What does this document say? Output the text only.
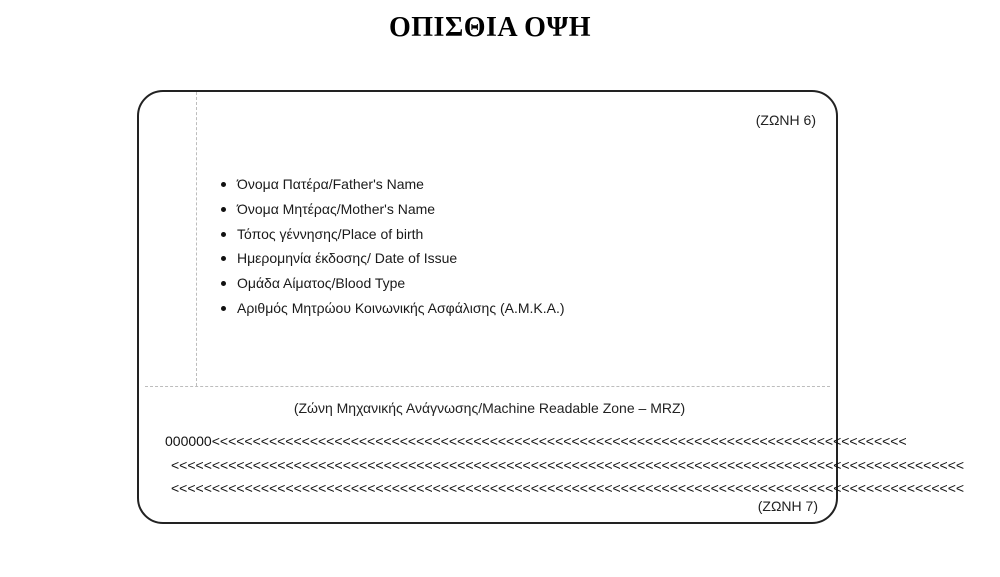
ΟΠΙΣΘΙΑ ΟΨΗ
(ΖΩΝΗ 6)
Όνομα Πατέρα/Father's Name
Όνομα Μητέρας/Mother's Name
Τόπος γέννησης/Place of birth
Ημερομηνία έκδοσης/ Date of Issue
Ομάδα Αίματος/Blood Type
Αριθμός Μητρώου Κοινωνικής Ασφάλισης (Α.Μ.Κ.Α.)
(Ζώνη Μηχανικής Ανάγνωσης/Machine Readable Zone – MRZ)
000000<<<<<<<<<<<<<<<<<<<<<<<<<<<<<<<<<<<<<<<<<<<<<<<<<<<<<<<<<<<<<<<<<<<<<<<<<<<<<<<<<<<<<
<<<<<<<<<<<<<<<<<<<<<<<<<<<<<<<<<<<<<<<<<<<<<<<<<<<<<<<<<<<<<<<<<<<<<<<<<<<<<<<<<<<<<<<<<<<<<<<<<
<<<<<<<<<<<<<<<<<<<<<<<<<<<<<<<<<<<<<<<<<<<<<<<<<<<<<<<<<<<<<<<<<<<<<<<<<<<<<<<<<<<<<<<<<<<<<<<<<
(ΖΩΝΗ 7)
